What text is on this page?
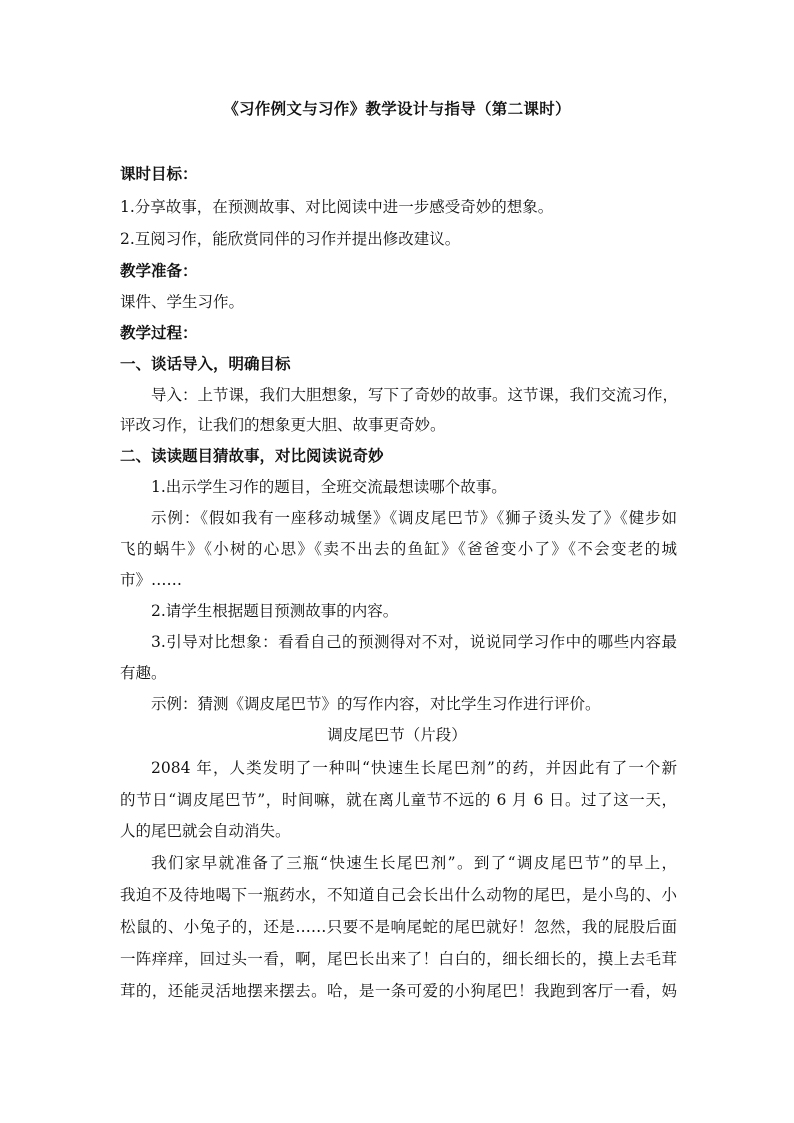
《习作例文与习作》教学设计与指导（第二课时）
课时目标：
1.分享故事，在预测故事、对比阅读中进一步感受奇妙的想象。
2.互阅习作，能欣赏同伴的习作并提出修改建议。
教学准备：
课件、学生习作。
教学过程：
一、谈话导入，明确目标
导入：上节课，我们大胆想象，写下了奇妙的故事。这节课，我们交流习作，
评改习作，让我们的想象更大胆、故事更奇妙。
二、读读题目猜故事，对比阅读说奇妙
1.出示学生习作的题目，全班交流最想读哪个故事。
示例：《假如我有一座移动城堡》《调皮尾巴节》《狮子烫头发了》《健步如
飞的蜗牛》《小树的心思》《卖不出去的鱼缸》《爸爸变小了》《不会变老的城
市》……
2.请学生根据题目预测故事的内容。
3.引导对比想象：看看自己的预测得对不对，说说同学习作中的哪些内容最
有趣。
示例：猜测《调皮尾巴节》的写作内容，对比学生习作进行评价。
调皮尾巴节（片段）
2084 年，人类发明了一种叫“快速生长尾巴剂”的药，并因此有了一个新
的节日“调皮尾巴节”，时间嘛，就在离儿童节不远的 6 月 6 日。过了这一天，
人的尾巴就会自动消失。
我们家早就准备了三瓶“快速生长尾巴剂”。到了“调皮尾巴节”的早上，
我迫不及待地喝下一瓶药水，不知道自己会长出什么动物的尾巴，是小鸟的、小
松鼠的、小兔子的，还是……只要不是响尾蛇的尾巴就好！忽然，我的屁股后面
一阵痒痒，回过头一看，啊，尾巴长出来了！白白的，细长细长的，摸上去毛茸
茸的，还能灵活地摆来摆去。哈，是一条可爱的小狗尾巴！我跑到客厅一看，妈
